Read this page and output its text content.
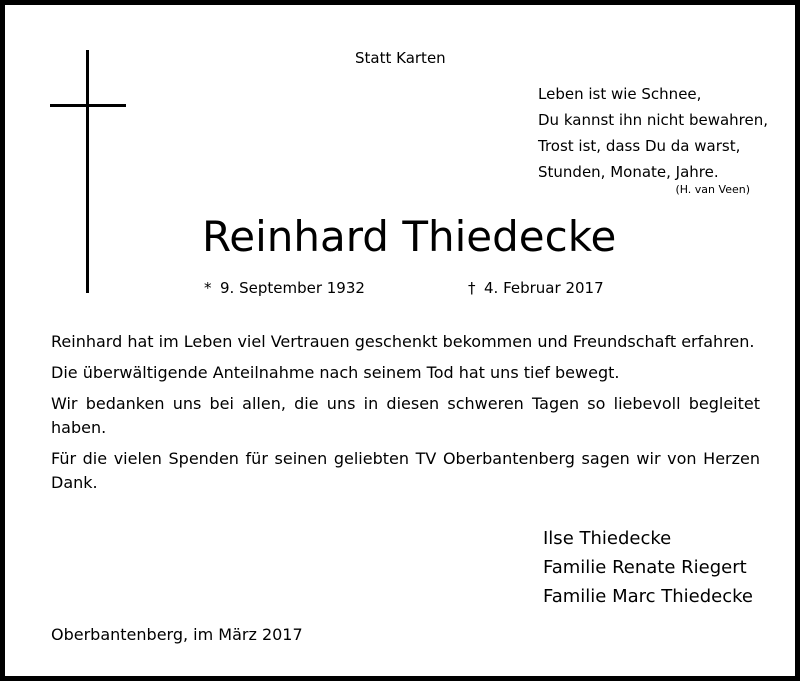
Statt Karten
Leben ist wie Schnee,
Du kannst ihn nicht bewahren,
Trost ist, dass Du da warst,
Stunden, Monate, Jahre.
(H. van Veen)
Reinhard Thiedecke
* 9. September 1932	† 4. Februar 2017

Reinhard hat im Leben viel Vertrauen geschenkt bekommen und Freundschaft erfahren.

Die überwältigende Anteilnahme nach seinem Tod hat uns tief bewegt.

Wir bedanken uns bei allen, die uns in diesen schweren Tagen so liebevoll begleitet haben.

Für die vielen Spenden für seinen geliebten TV Oberbantenberg sagen wir von Herzen Dank.

Ilse Thiedecke
Familie Renate Riegert
Familie Marc Thiedecke
Oberbantenberg, im März 2017
